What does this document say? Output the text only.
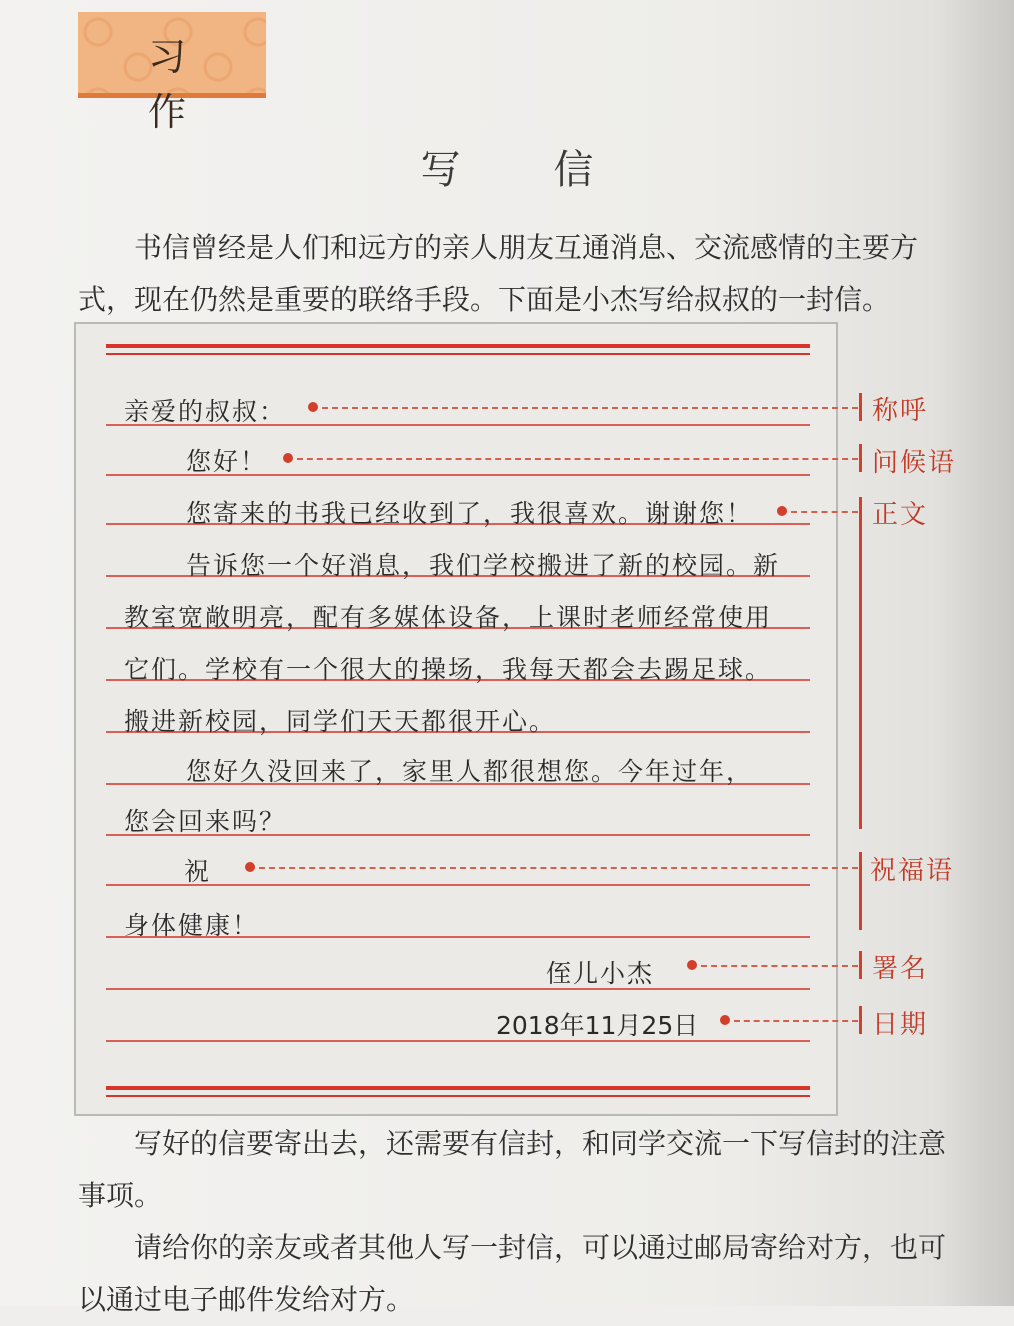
习 作
写 信
书信曾经是人们和远方的亲人朋友互通消息、交流感情的主要方式，现在仍然是重要的联络手段。下面是小杰写给叔叔的一封信。
亲爱的叔叔：
您好！
您寄来的书我已经收到了，我很喜欢。谢谢您！
告诉您一个好消息，我们学校搬进了新的校园。新
教室宽敞明亮，配有多媒体设备，上课时老师经常使用
它们。学校有一个很大的操场，我每天都会去踢足球。
搬进新校园，同学们天天都很开心。
您好久没回来了，家里人都很想您。今年过年，
您会回来吗？
祝
身体健康！
侄儿小杰
2018年11月25日
称呼
问候语
正文
祝福语
署名
日期
写好的信要寄出去，还需要有信封，和同学交流一下写信封的注意事项。
请给你的亲友或者其他人写一封信，可以通过邮局寄给对方，也可以通过电子邮件发给对方。
